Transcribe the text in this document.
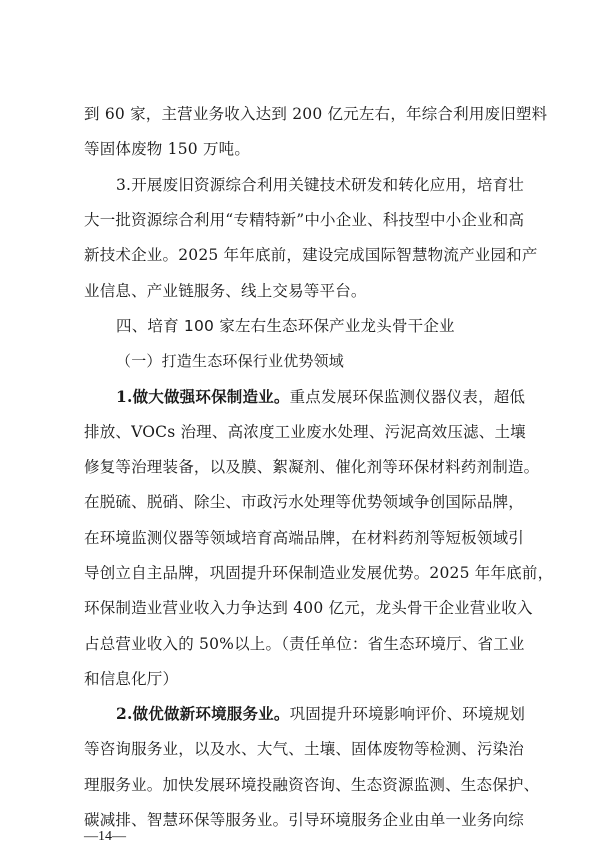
到 60 家，主营业务收入达到 200 亿元左右，年综合利用废旧塑料
等固体废物 150 万吨。
3.开展废旧资源综合利用关键技术研发和转化应用，培育壮
大一批资源综合利用“专精特新”中小企业、科技型中小企业和高
新技术企业。2025 年年底前，建设完成国际智慧物流产业园和产
业信息、产业链服务、线上交易等平台。
四、培育 100 家左右生态环保产业龙头骨干企业
（一）打造生态环保行业优势领域
1.做大做强环保制造业。重点发展环保监测仪器仪表，超低
排放、VOCs 治理、高浓度工业废水处理、污泥高效压滤、土壤
修复等治理装备，以及膜、絮凝剂、催化剂等环保材料药剂制造。
在脱硫、脱硝、除尘、市政污水处理等优势领域争创国际品牌，
在环境监测仪器等领域培育高端品牌，在材料药剂等短板领域引
导创立自主品牌，巩固提升环保制造业发展优势。2025 年年底前，
环保制造业营业收入力争达到 400 亿元，龙头骨干企业营业收入
占总营业收入的 50%以上。（责任单位：省生态环境厅、省工业
和信息化厅）
2.做优做新环境服务业。巩固提升环境影响评价、环境规划
等咨询服务业，以及水、大气、土壤、固体废物等检测、污染治
理服务业。加快发展环境投融资咨询、生态资源监测、生态保护、
碳减排、智慧环保等服务业。引导环境服务企业由单一业务向综
—14—
